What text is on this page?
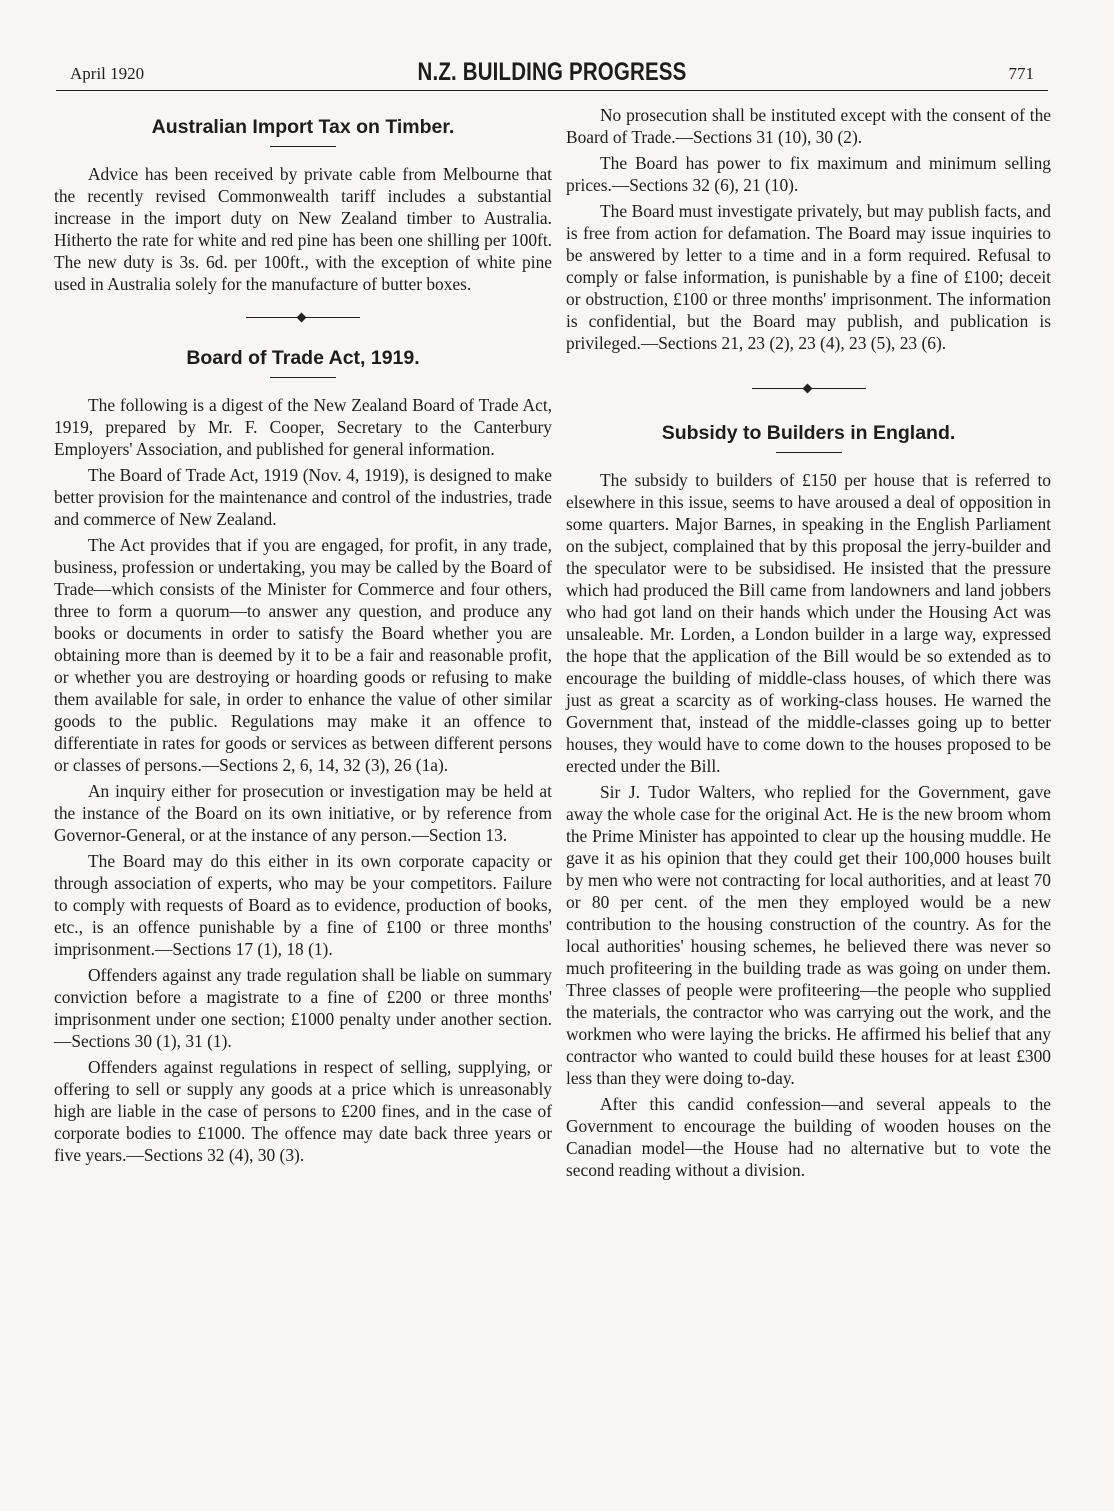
April 1920	N.Z. BUILDING PROGRESS	771
Australian Import Tax on Timber.

Advice has been received by private cable from Melbourne that the recently revised Commonwealth tariff includes a substantial increase in the import duty on New Zealand timber to Australia. Hitherto the rate for white and red pine has been one shilling per 100ft. The new duty is 3s. 6d. per 100ft., with the exception of white pine used in Australia solely for the manufacture of butter boxes.

Board of Trade Act, 1919.

The following is a digest of the New Zealand Board of Trade Act, 1919, prepared by Mr. F. Cooper, Secretary to the Canterbury Employers' Association, and published for general information.

The Board of Trade Act, 1919 (Nov. 4, 1919), is designed to make better provision for the maintenance and control of the industries, trade and commerce of New Zealand.

The Act provides that if you are engaged, for profit, in any trade, business, profession or undertaking, you may be called by the Board of Trade—which consists of the Minister for Commerce and four others, three to form a quorum—to answer any question, and produce any books or documents in order to satisfy the Board whether you are obtaining more than is deemed by it to be a fair and reasonable profit, or whether you are destroying or hoarding goods or refusing to make them available for sale, in order to enhance the value of other similar goods to the public. Regulations may make it an offence to differentiate in rates for goods or services as between different persons or classes of persons.—Sections 2, 6, 14, 32 (3), 26 (1a).

An inquiry either for prosecution or investigation may be held at the instance of the Board on its own initiative, or by reference from Governor-General, or at the instance of any person.—Section 13.

The Board may do this either in its own corporate capacity or through association of experts, who may be your competitors. Failure to comply with requests of Board as to evidence, production of books, etc., is an offence punishable by a fine of £100 or three months' imprisonment.—Sections 17 (1), 18 (1).

Offenders against any trade regulation shall be liable on summary conviction before a magistrate to a fine of £200 or three months' imprisonment under one section; £1000 penalty under another section.—Sections 30 (1), 31 (1).

Offenders against regulations in respect of selling, supplying, or offering to sell or supply any goods at a price which is unreasonably high are liable in the case of persons to £200 fines, and in the case of corporate bodies to £1000. The offence may date back three years or five years.—Sections 32 (4), 30 (3).

No prosecution shall be instituted except with the consent of the Board of Trade.—Sections 31 (10), 30 (2).

The Board has power to fix maximum and minimum selling prices.—Sections 32 (6), 21 (10).

The Board must investigate privately, but may publish facts, and is free from action for defamation. The Board may issue inquiries to be answered by letter to a time and in a form required. Refusal to comply or false information, is punishable by a fine of £100; deceit or obstruction, £100 or three months' imprisonment. The information is confidential, but the Board may publish, and publication is privileged.—Sections 21, 23 (2), 23 (4), 23 (5), 23 (6).

Subsidy to Builders in England.

The subsidy to builders of £150 per house that is referred to elsewhere in this issue, seems to have aroused a deal of opposition in some quarters. Major Barnes, in speaking in the English Parliament on the subject, complained that by this proposal the jerry-builder and the speculator were to be subsidised. He insisted that the pressure which had produced the Bill came from landowners and land jobbers who had got land on their hands which under the Housing Act was unsaleable. Mr. Lorden, a London builder in a large way, expressed the hope that the application of the Bill would be so extended as to encourage the building of middle-class houses, of which there was just as great a scarcity as of working-class houses. He warned the Government that, instead of the middle-classes going up to better houses, they would have to come down to the houses proposed to be erected under the Bill.

Sir J. Tudor Walters, who replied for the Government, gave away the whole case for the original Act. He is the new broom whom the Prime Minister has appointed to clear up the housing muddle. He gave it as his opinion that they could get their 100,000 houses built by men who were not contracting for local authorities, and at least 70 or 80 per cent. of the men they employed would be a new contribution to the housing construction of the country. As for the local authorities' housing schemes, he believed there was never so much profiteering in the building trade as was going on under them. Three classes of people were profiteering—the people who supplied the materials, the contractor who was carrying out the work, and the workmen who were laying the bricks. He affirmed his belief that any contractor who wanted to could build these houses for at least £300 less than they were doing to-day.

After this candid confession—and several appeals to the Government to encourage the building of wooden houses on the Canadian model—the House had no alternative but to vote the second reading without a division.
